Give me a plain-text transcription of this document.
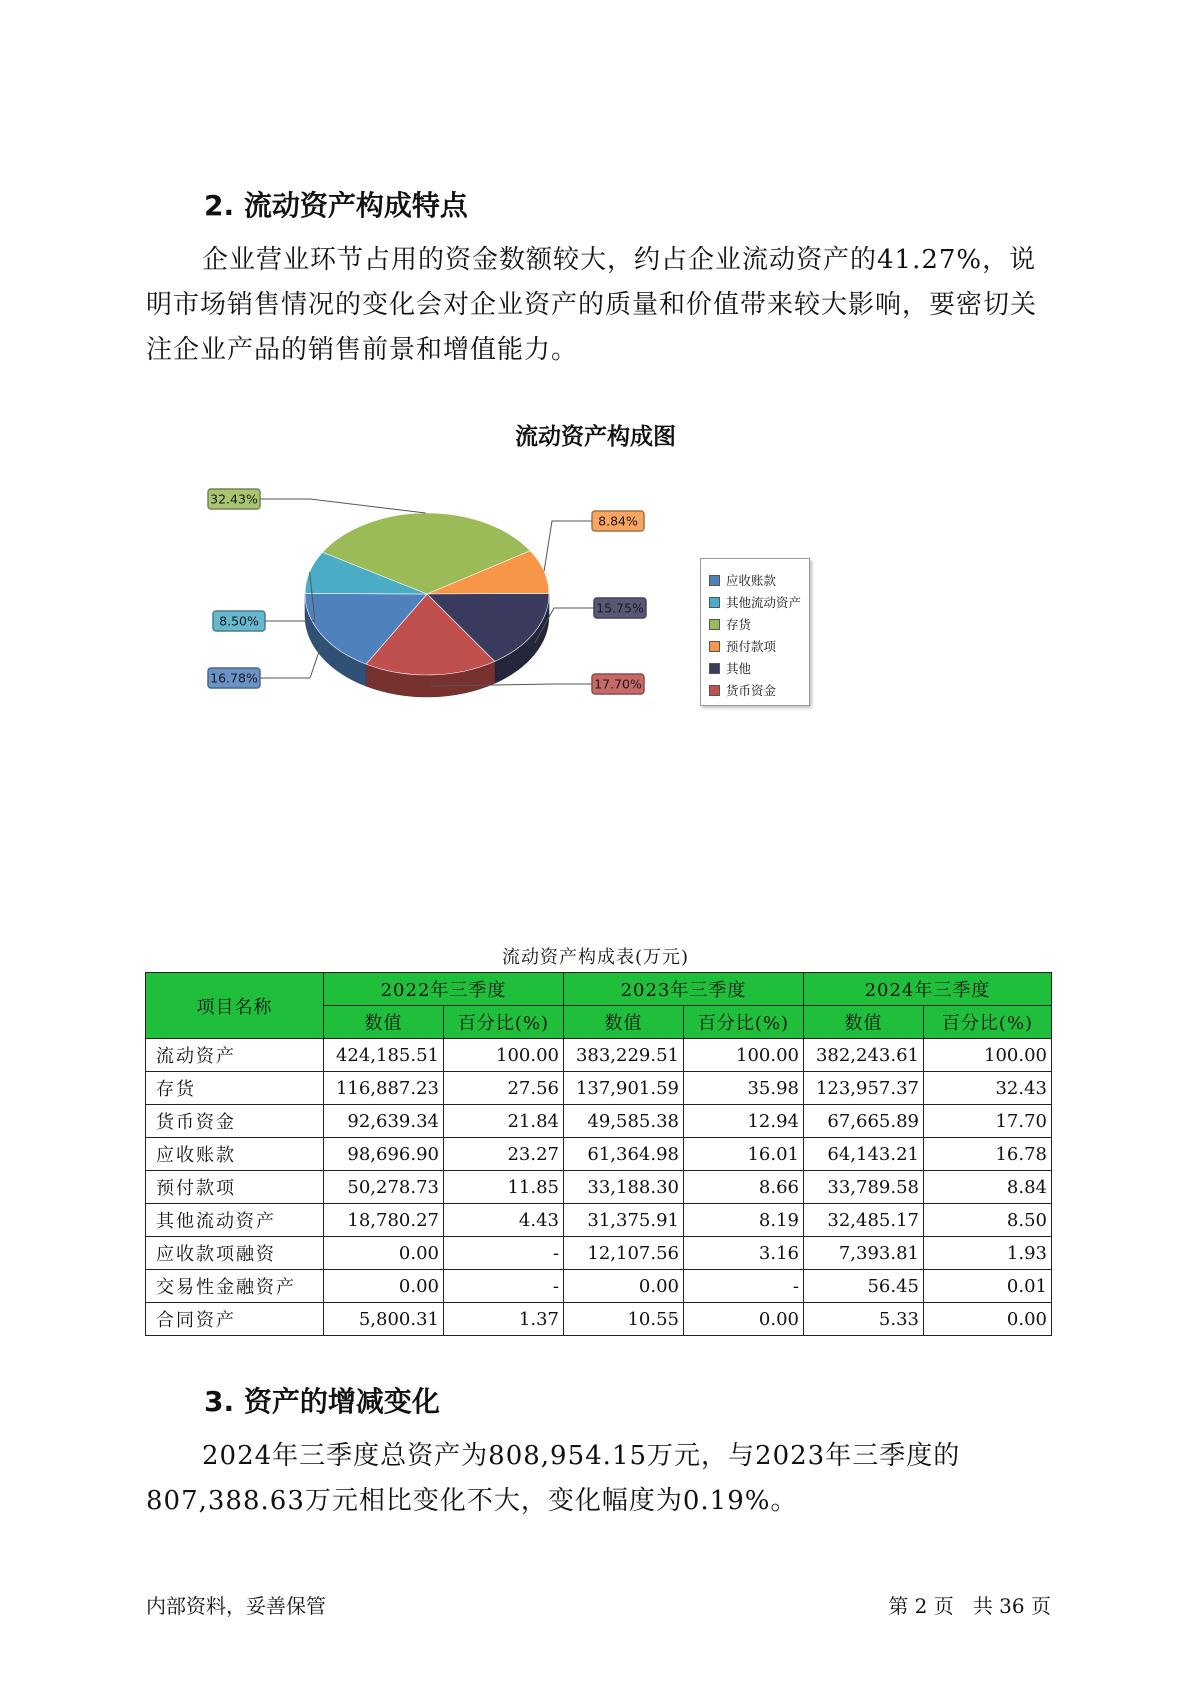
2. 流动资产构成特点

企业营业环节占用的资金数额较大，约占企业流动资产的41.27%，说明市场销售情况的变化会对企业资产的质量和价值带来较大影响，要密切关注企业产品的销售前景和增值能力。

流动资产构成图
32.43%
8.84%
15.75%
17.70%
16.78%
8.50%
应收账款
其他流动资产
存货
预付款项
其他
货币资金
流动资产构成表(万元)
项目名称	2022年三季度		2023年三季度		2024年三季度	
	数值	百分比(%)	数值	百分比(%)	数值	百分比(%)
流动资产	424,185.51	100.00	383,229.51	100.00	382,243.61	100.00
存货	116,887.23	27.56	137,901.59	35.98	123,957.37	32.43
货币资金	92,639.34	21.84	49,585.38	12.94	67,665.89	17.70
应收账款	98,696.90	23.27	61,364.98	16.01	64,143.21	16.78
预付款项	50,278.73	11.85	33,188.30	8.66	33,789.58	8.84
其他流动资产	18,780.27	4.43	31,375.91	8.19	32,485.17	8.50
应收款项融资	0.00	-	12,107.56	3.16	7,393.81	1.93
交易性金融资产	0.00	-	0.00	-	56.45	0.01
合同资产	5,800.31	1.37	10.55	0.00	5.33	0.00
3. 资产的增减变化

2024年三季度总资产为808,954.15万元，与2023年三季度的807,388.63万元相比变化不大，变化幅度为0.19%。

内部资料，妥善保管	第 2 页   共 36 页
